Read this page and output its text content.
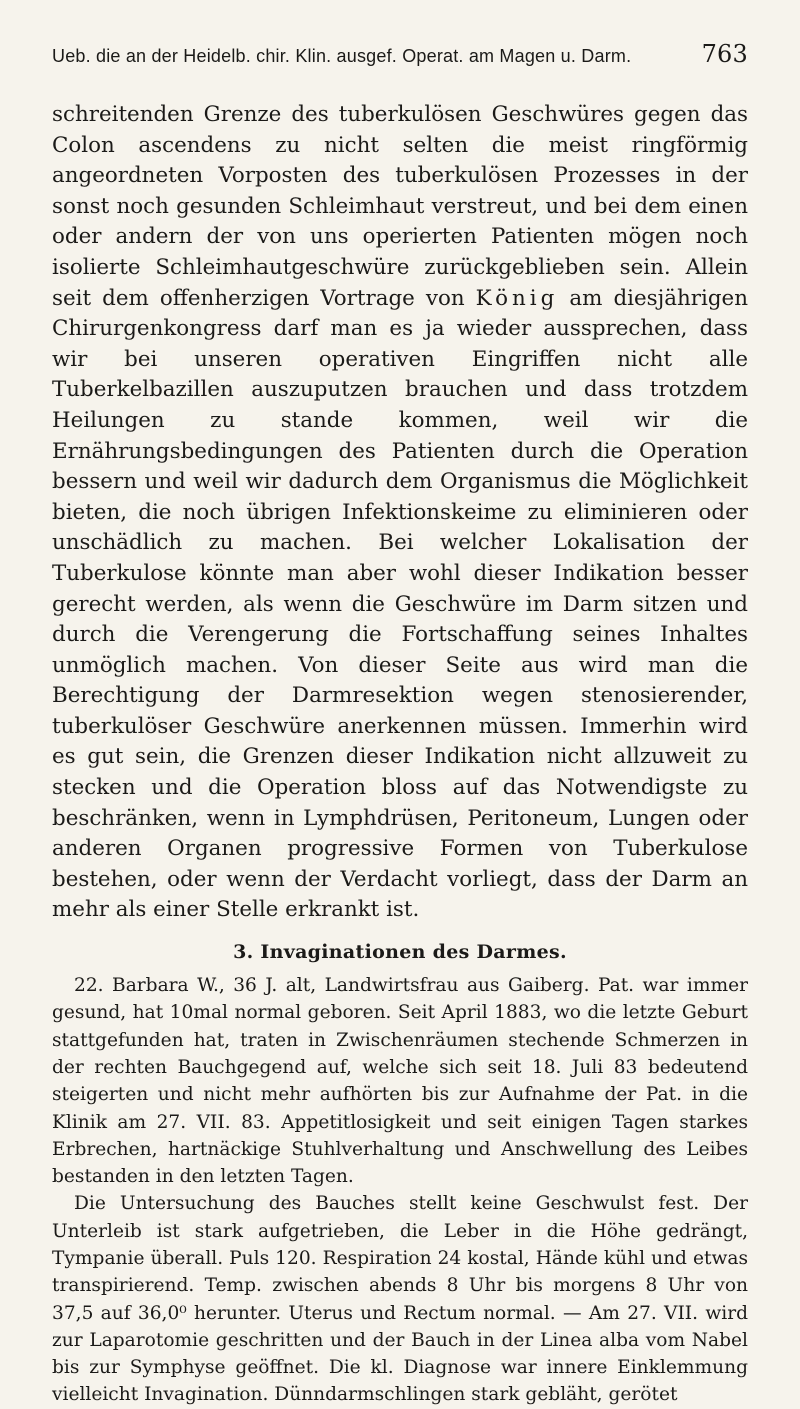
Ueb. die an der Heidelb. chir. Klin. ausgef. Operat. am Magen u. Darm.	763

schreitenden Grenze des tuberkulösen Geschwüres gegen das Colon ascendens zu nicht selten die meist ringförmig angeordneten Vorposten des tuberkulösen Prozesses in der sonst noch gesunden Schleimhaut verstreut, und bei dem einen oder andern der von uns operierten Patienten mögen noch isolierte Schleimhautgeschwüre zurückgeblieben sein. Allein seit dem offenherzigen Vortrage von König am diesjährigen Chirurgenkongress darf man es ja wieder aussprechen, dass wir bei unseren operativen Eingriffen nicht alle Tuberkelbazillen auszuputzen brauchen und dass trotzdem Heilungen zu stande kommen, weil wir die Ernährungsbedingungen des Patienten durch die Operation bessern und weil wir dadurch dem Organismus die Möglichkeit bieten, die noch übrigen Infektionskeime zu eliminieren oder unschädlich zu machen. Bei welcher Lokalisation der Tuberkulose könnte man aber wohl dieser Indikation besser gerecht werden, als wenn die Geschwüre im Darm sitzen und durch die Verengerung die Fortschaffung seines Inhaltes unmöglich machen. Von dieser Seite aus wird man die Berechtigung der Darmresektion wegen stenosierender, tuberkulöser Geschwüre anerkennen müssen. Immerhin wird es gut sein, die Grenzen dieser Indikation nicht allzuweit zu stecken und die Operation bloss auf das Notwendigste zu beschränken, wenn in Lymphdrüsen, Peritoneum, Lungen oder anderen Organen progressive Formen von Tuberkulose bestehen, oder wenn der Verdacht vorliegt, dass der Darm an mehr als einer Stelle erkrankt ist.

3. Invaginationen des Darmes.

22. Barbara W., 36 J. alt, Landwirtsfrau aus Gaiberg. Pat. war immer gesund, hat 10mal normal geboren. Seit April 1883, wo die letzte Geburt stattgefunden hat, traten in Zwischenräumen stechende Schmerzen in der rechten Bauchgegend auf, welche sich seit 18. Juli 83 bedeutend steigerten und nicht mehr aufhörten bis zur Aufnahme der Pat. in die Klinik am 27. VII. 83. Appetitlosigkeit und seit einigen Tagen starkes Erbrechen, hartnäckige Stuhlverhaltung und Anschwellung des Leibes bestanden in den letzten Tagen.

Die Untersuchung des Bauches stellt keine Geschwulst fest. Der Unterleib ist stark aufgetrieben, die Leber in die Höhe gedrängt, Tympanie überall. Puls 120. Respiration 24 kostal, Hände kühl und etwas transpirierend. Temp. zwischen abends 8 Uhr bis morgens 8 Uhr von 37,5 auf 36,0⁰ herunter. Uterus und Rectum normal. — Am 27. VII. wird zur Laparotomie geschritten und der Bauch in der Linea alba vom Nabel bis zur Symphyse geöffnet. Die kl. Diagnose war innere Einklemmung vielleicht Invagination. Dünndarmschlingen stark gebläht, gerötet
